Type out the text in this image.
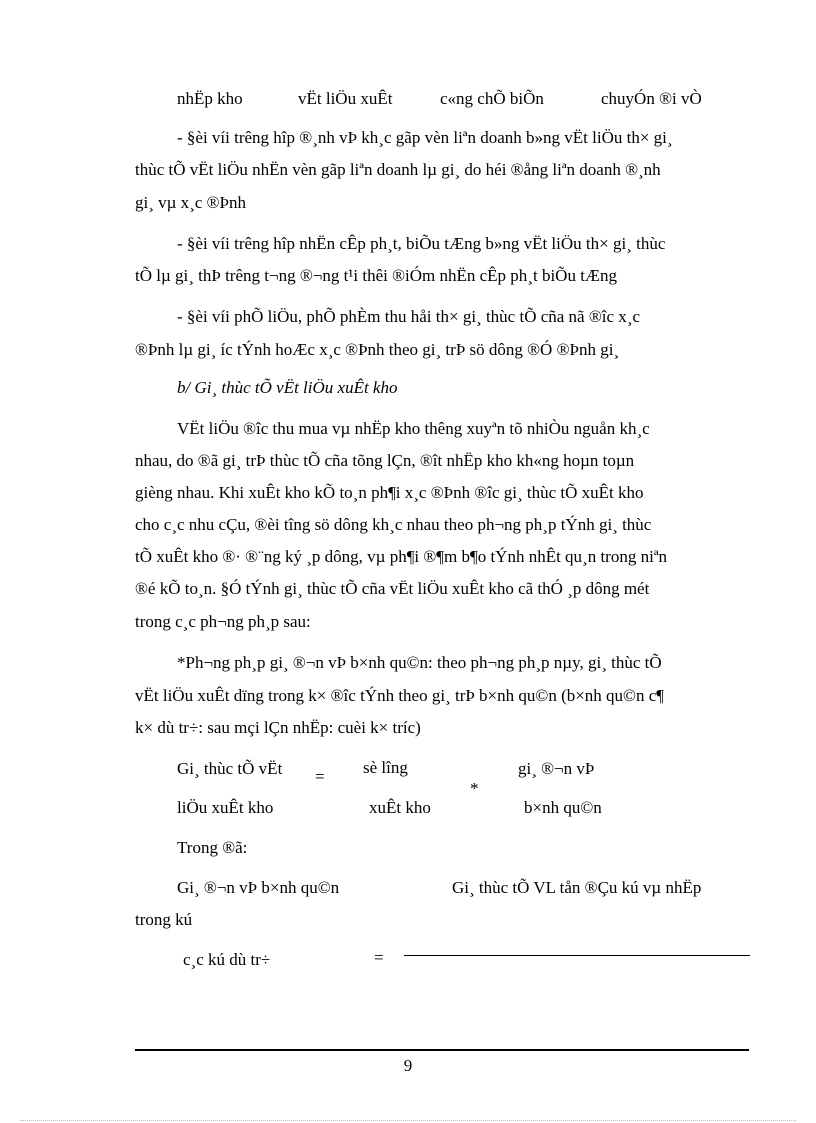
nhËp kho	vËt liÖu xuÊt	c«ng chÕ biÕn	chuyÓn ®i vÒ
- §èi víi trêng hîp ®¸nh vÞ kh¸c gãp vèn liªn doanh b»ng vËt liÖu th× gi¸
thùc tÕ vËt liÖu nhËn vèn gãp liªn doanh lµ gi¸ do héi ®ång liªn doanh ®¸nh
gi¸ vµ x¸c ®Þnh
- §èi víi trêng hîp nhËn cÊp ph¸t, biÕu tÆng b»ng vËt liÖu th× gi¸ thùc
tÕ lµ gi¸ thÞ trêng t¬ng ®¬ng t¹i thêi ®iÓm nhËn cÊp ph¸t biÕu tÆng
- §èi víi phÕ liÖu, phÕ phÈm thu håi th× gi¸ thùc tÕ cña nã ®îc x¸c
®Þnh lµ gi¸ íc tÝnh hoÆc x¸c ®Þnh theo gi¸ trÞ sö dông ®Ó ®Þnh gi¸
b/ Gi¸ thùc tÕ vËt liÖu xuÊt kho
VËt liÖu ®îc thu mua vµ nhËp kho thêng xuyªn tõ nhiÒu nguån kh¸c
nhau, do ®ã gi¸ trÞ thùc tÕ cña tõng lÇn, ®ît nhËp kho kh«ng hoµn toµn
gièng nhau. Khi xuÊt kho kÕ to¸n ph¶i x¸c ®Þnh ®îc gi¸ thùc tÕ xuÊt kho
cho c¸c nhu cÇu, ®èi tîng sö dông kh¸c nhau theo ph¬ng ph¸p tÝnh gi¸ thùc
tÕ xuÊt kho ®· ®¨ng ký ¸p dông, vµ ph¶i ®¶m b¶o tÝnh nhÊt qu¸n trong niªn
®é kÕ to¸n. §Ó tÝnh gi¸ thùc tÕ cña vËt liÖu xuÊt kho cã thÓ ¸p dông mét
trong c¸c ph¬ng ph¸p sau:
*Ph¬ng ph¸p gi¸ ®¬n vÞ b×nh qu©n: theo ph¬ng ph¸p nµy, gi¸ thùc tÕ
vËt liÖu xuÊt dïng trong k× ®îc tÝnh theo gi¸ trÞ b×nh qu©n (b×nh qu©n c¶
k× dù tr÷: sau mçi lÇn nhËp: cuèi k× tríc)
Gi¸ thùc tÕ vËt = sè lîng
*
gi¸ ®¬n vÞ
liÖu xuÊt kho	xuÊt kho	b×nh qu©n
Trong ®ã:
Gi¸ ®¬n vÞ b×nh qu©n	Gi¸ thùc tÕ VL tån ®Çu kú vµ nhËp
trong kú
c¸c kú dù tr÷	=
9
